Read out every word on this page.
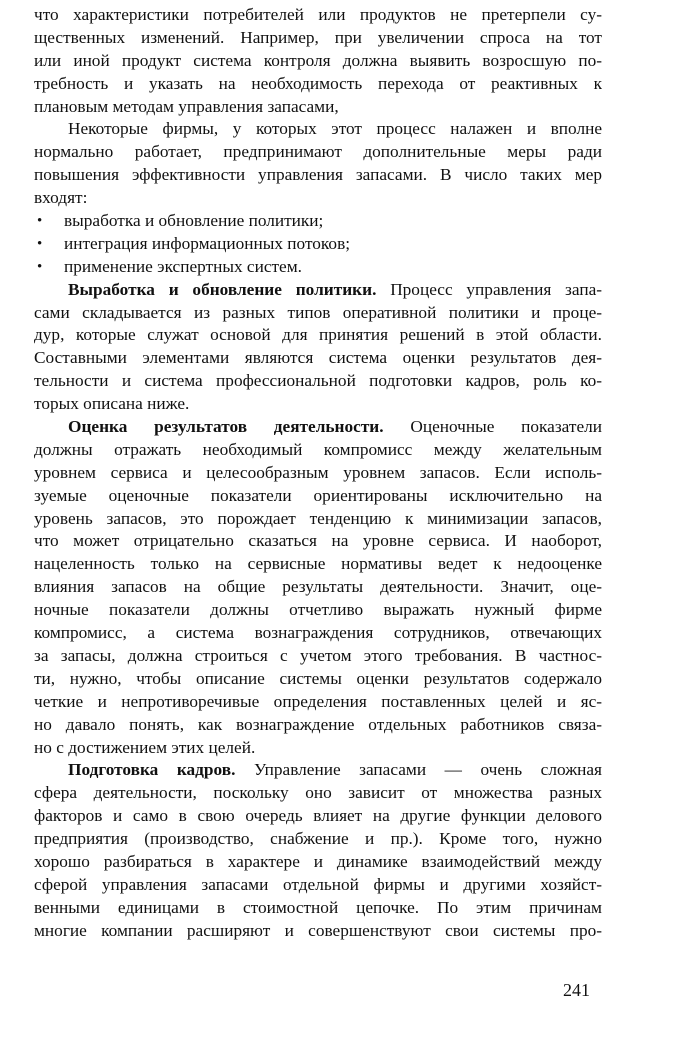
что характеристики потребителей или продуктов не претерпели су-
щественных изменений. Например, при увеличении спроса на тот
или иной продукт система контроля должна выявить возросшую по-
требность и указать на необходимость перехода от реактивных к
плановым методам управления запасами,
Некоторые фирмы, у которых этот процесс налажен и вполне
нормально работает, предпринимают дополнительные меры ради
повышения эффективности управления запасами. В число таких мер
входят:
• выработка и обновление политики;
• интеграция информационных потоков;
• применение экспертных систем.
Выработка и обновление политики. Процесс управления запа-
сами складывается из разных типов оперативной политики и проце-
дур, которые служат основой для принятия решений в этой области.
Составными элементами являются система оценки результатов дея-
тельности и система профессиональной подготовки кадров, роль ко-
торых описана ниже.
Оценка результатов деятельности. Оценочные показатели
должны отражать необходимый компромисс между желательным
уровнем сервиса и целесообразным уровнем запасов. Если исполь-
зуемые оценочные показатели ориентированы исключительно на
уровень запасов, это порождает тенденцию к минимизации запасов,
что может отрицательно сказаться на уровне сервиса. И наоборот,
нацеленность только на сервисные нормативы ведет к недооценке
влияния запасов на общие результаты деятельности. Значит, оце-
ночные показатели должны отчетливо выражать нужный фирме
компромисс, а система вознаграждения сотрудников, отвечающих
за запасы, должна строиться с учетом этого требования. В частнос-
ти, нужно, чтобы описание системы оценки результатов содержало
четкие и непротиворечивые определения поставленных целей и яс-
но давало понять, как вознаграждение отдельных работников связа-
но с достижением этих целей.
Подготовка кадров. Управление запасами — очень сложная
сфера деятельности, поскольку оно зависит от множества разных
факторов и само в свою очередь влияет на другие функции делового
предприятия (производство, снабжение и пр.). Кроме того, нужно
хорошо разбираться в характере и динамике взаимодействий между
сферой управления запасами отдельной фирмы и другими хозяйст-
венными единицами в стоимостной цепочке. По этим причинам
многие компании расширяют и совершенствуют свои системы про-
241
